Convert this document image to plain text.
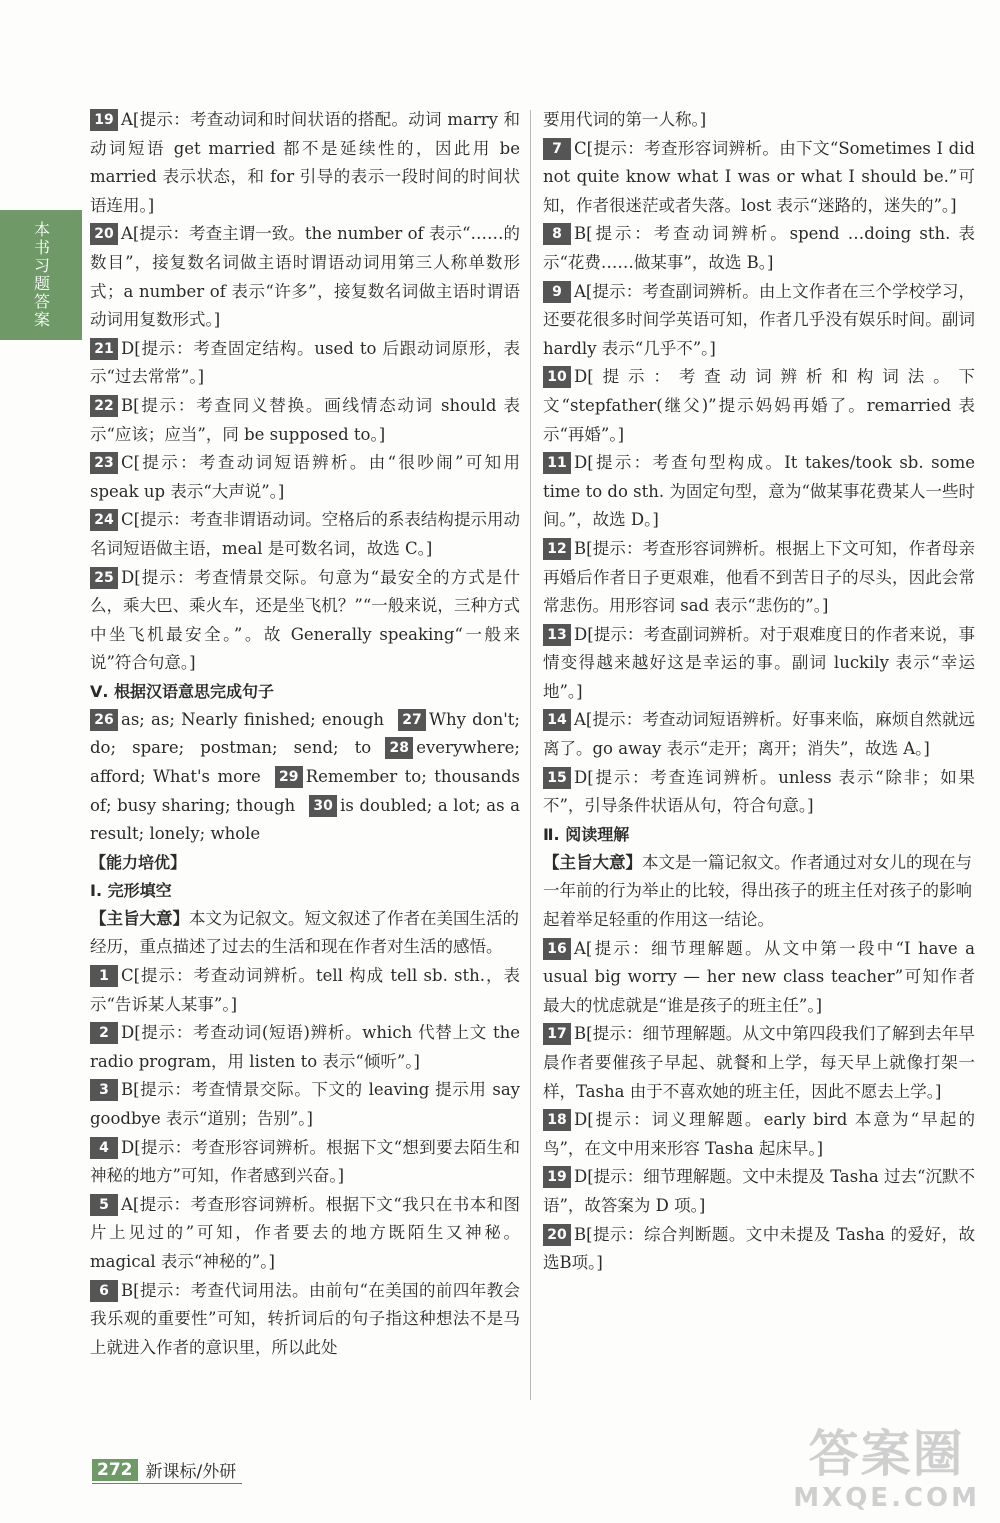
本书习题答案

19 A[提示：考查动词和时间状语的搭配。动词 marry 和动词短语 get married 都不是延续性的，因此用 be married 表示状态，和 for 引导的表示一段时间的时间状语连用。]

20 A[提示：考查主谓一致。the number of 表示“……的数目”，接复数名词做主语时谓语动词用第三人称单数形式；a number of 表示“许多”，接复数名词做主语时谓语动词用复数形式。]

21 D[提示：考查固定结构。used to 后跟动词原形，表示“过去常常”。]

22 B[提示：考查同义替换。画线情态动词 should 表示“应该；应当”，同 be supposed to。]

23 C[提示：考查动词短语辨析。由“很吵闹”可知用 speak up 表示“大声说”。]

24 C[提示：考查非谓语动词。空格后的系表结构提示用动名词短语做主语，meal 是可数名词，故选 C。]

25 D[提示：考查情景交际。句意为“最安全的方式是什么，乘大巴、乘火车，还是坐飞机？”“一般来说，三种方式中坐飞机最安全。”。故 Generally speaking“一般来说”符合句意。]

Ⅴ. 根据汉语意思完成句子
26 as; as; Nearly finished; enough 27 Why don't; do; spare; postman; send; to 28 everywhere; afford; What's more 29 Remember to; thousands of; busy sharing; though 30 is doubled; a lot; as a result; lonely; whole
【能力培优】
Ⅰ. 完形填空
【主旨大意】本文为记叙文。短文叙述了作者在美国生活的经历，重点描述了过去的生活和现在作者对生活的感悟。

1 C[提示：考查动词辨析。tell 构成 tell sb. sth.，表示“告诉某人某事”。]

2 D[提示：考查动词(短语)辨析。which 代替上文 the radio program，用 listen to 表示“倾听”。]

3 B[提示：考查情景交际。下文的 leaving 提示用 say goodbye 表示“道别；告别”。]

4 D[提示：考查形容词辨析。根据下文“想到要去陌生和神秘的地方”可知，作者感到兴奋。]

5 A[提示：考查形容词辨析。根据下文“我只在书本和图片上见过的”可知，作者要去的地方既陌生又神秘。magical 表示“神秘的”。]

6 B[提示：考查代词用法。由前句“在美国的前四年教会我乐观的重要性”可知，转折词后的句子指这种想法不是马上就进入作者的意识里，所以此处

要用代词的第一人称。]

7 C[提示：考查形容词辨析。由下文“Sometimes I did not quite know what I was or what I should be.”可知，作者很迷茫或者失落。lost 表示“迷路的，迷失的”。]

8 B[提示：考查动词辨析。spend …doing sth. 表示“花费……做某事”，故选 B。]

9 A[提示：考查副词辨析。由上文作者在三个学校学习，还要花很多时间学英语可知，作者几乎没有娱乐时间。副词 hardly 表示“几乎不”。]

10 D[提示：考查动词辨析和构词法。下文“stepfather(继父)”提示妈妈再婚了。remarried 表示“再婚”。]

11 D[提示：考查句型构成。It takes/took sb. some time to do sth. 为固定句型，意为“做某事花费某人一些时间。”，故选 D。]

12 B[提示：考查形容词辨析。根据上下文可知，作者母亲再婚后作者日子更艰难，他看不到苦日子的尽头，因此会常常悲伤。用形容词 sad 表示“悲伤的”。]

13 D[提示：考查副词辨析。对于艰难度日的作者来说，事情变得越来越好这是幸运的事。副词 luckily 表示“幸运地”。]

14 A[提示：考查动词短语辨析。好事来临，麻烦自然就远离了。go away 表示“走开；离开；消失”，故选 A。]

15 D[提示：考查连词辨析。unless 表示“除非；如果不”，引导条件状语从句，符合句意。]

Ⅱ. 阅读理解
【主旨大意】本文是一篇记叙文。作者通过对女儿的现在与一年前的行为举止的比较，得出孩子的班主任对孩子的影响起着举足轻重的作用这一结论。

16 A[提示：细节理解题。从文中第一段中“I have a usual big worry — her new class teacher”可知作者最大的忧虑就是“谁是孩子的班主任”。]

17 B[提示：细节理解题。从文中第四段我们了解到去年早晨作者要催孩子早起、就餐和上学，每天早上就像打架一样，Tasha 由于不喜欢她的班主任，因此不愿去上学。]

18 D[提示：词义理解题。early bird 本意为“早起的鸟”，在文中用来形容 Tasha 起床早。]

19 D[提示：细节理解题。文中未提及 Tasha 过去“沉默不语”，故答案为 D 项。]

20 B[提示：综合判断题。文中未提及 Tasha 的爱好，故选B项。]

272 新课标/外研	答案圈
MXQE.COM
